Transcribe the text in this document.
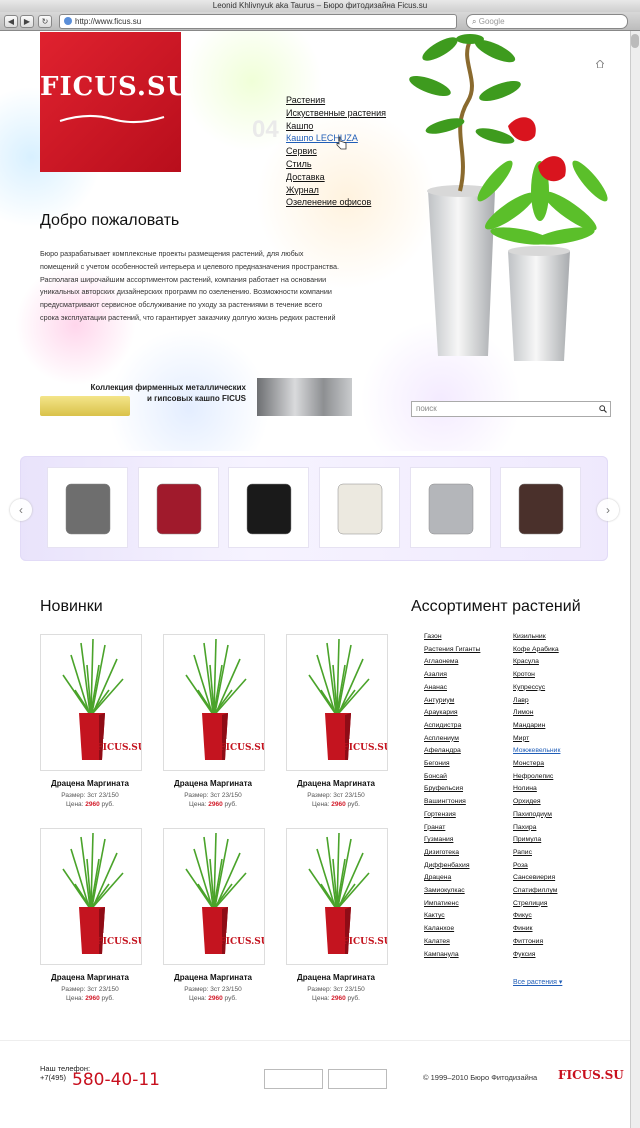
Leonid Khlivnyuk aka Taurus – Бюро фитодизайна Ficus.su
◀	▶	↻	http://www.ficus.su	⌕ Google
FICUS.SU
04
Растения
Искуственные растения
Кашпо
Кашпо LECHUZA
Сервис
Стиль
Доставка
Журнал
Озеленение офисов
Добро пожаловать
Бюро разрабатывает комплексные проекты размещения растений, для любых
помещений с учетом особенностей интерьера и целевого предназначения пространства.
Располагая широчайшим ассортиментом растений, компания работает на основании
уникальных авторских дизайнерских программ по озеленению. Возможности компании
предусматривают сервисное обслуживание по уходу за растениями в течение всего
срока эксплуатации растений, что гарантирует заказчику долгую жизнь редких растений
Коллекция фирменных металлических
и гипсовых кашпо FICUS
поиск
‹	›
Новинки
FICUS.SU
Драцена Маргината
Размер: 3ст 23/150
Цена: 2960 руб.
FICUS.SU
Драцена Маргината
Размер: 3ст 23/150
Цена: 2960 руб.
FICUS.SU
Драцена Маргината
Размер: 3ст 23/150
Цена: 2960 руб.
FICUS.SU
Драцена Маргината
Размер: 3ст 23/150
Цена: 2960 руб.
FICUS.SU
Драцена Маргината
Размер: 3ст 23/150
Цена: 2960 руб.
FICUS.SU
Драцена Маргината
Размер: 3ст 23/150
Цена: 2960 руб.
Ассортимент растений
Газон
Растения Гиганты
Аглаонема
Азалия
Ананас
Антуриум
Араукария
Аспидистра
Асплениум
Афеландра
Бегония
Бонсай
Бруфельсия
Вашингтония
Гортензия
Гранат
Гузмания
Дизиготека
Диффенбахия
Драцена
Замиокулкас
Импатиенс
Кактус
Каланхое
Калатея
Кампанула
Кизильник
Кофе Арабика
Красула
Кротон
Купрессус
Лавр
Лимон
Мандарин
Мирт
Можжевельник
Монстера
Нефролепис
Нолина
Орхидея
Пахиподиум
Пахира
Примула
Рапис
Роза
Сансевиерия
Спатифиллум
Стрелиция
Фикус
Финик
Фиттония
Фуксия
Все растения ▾
Наш телефон:
+7(495) 580-40-11	© 1999–2010 Бюро Фитодизайна FICUS.SU
